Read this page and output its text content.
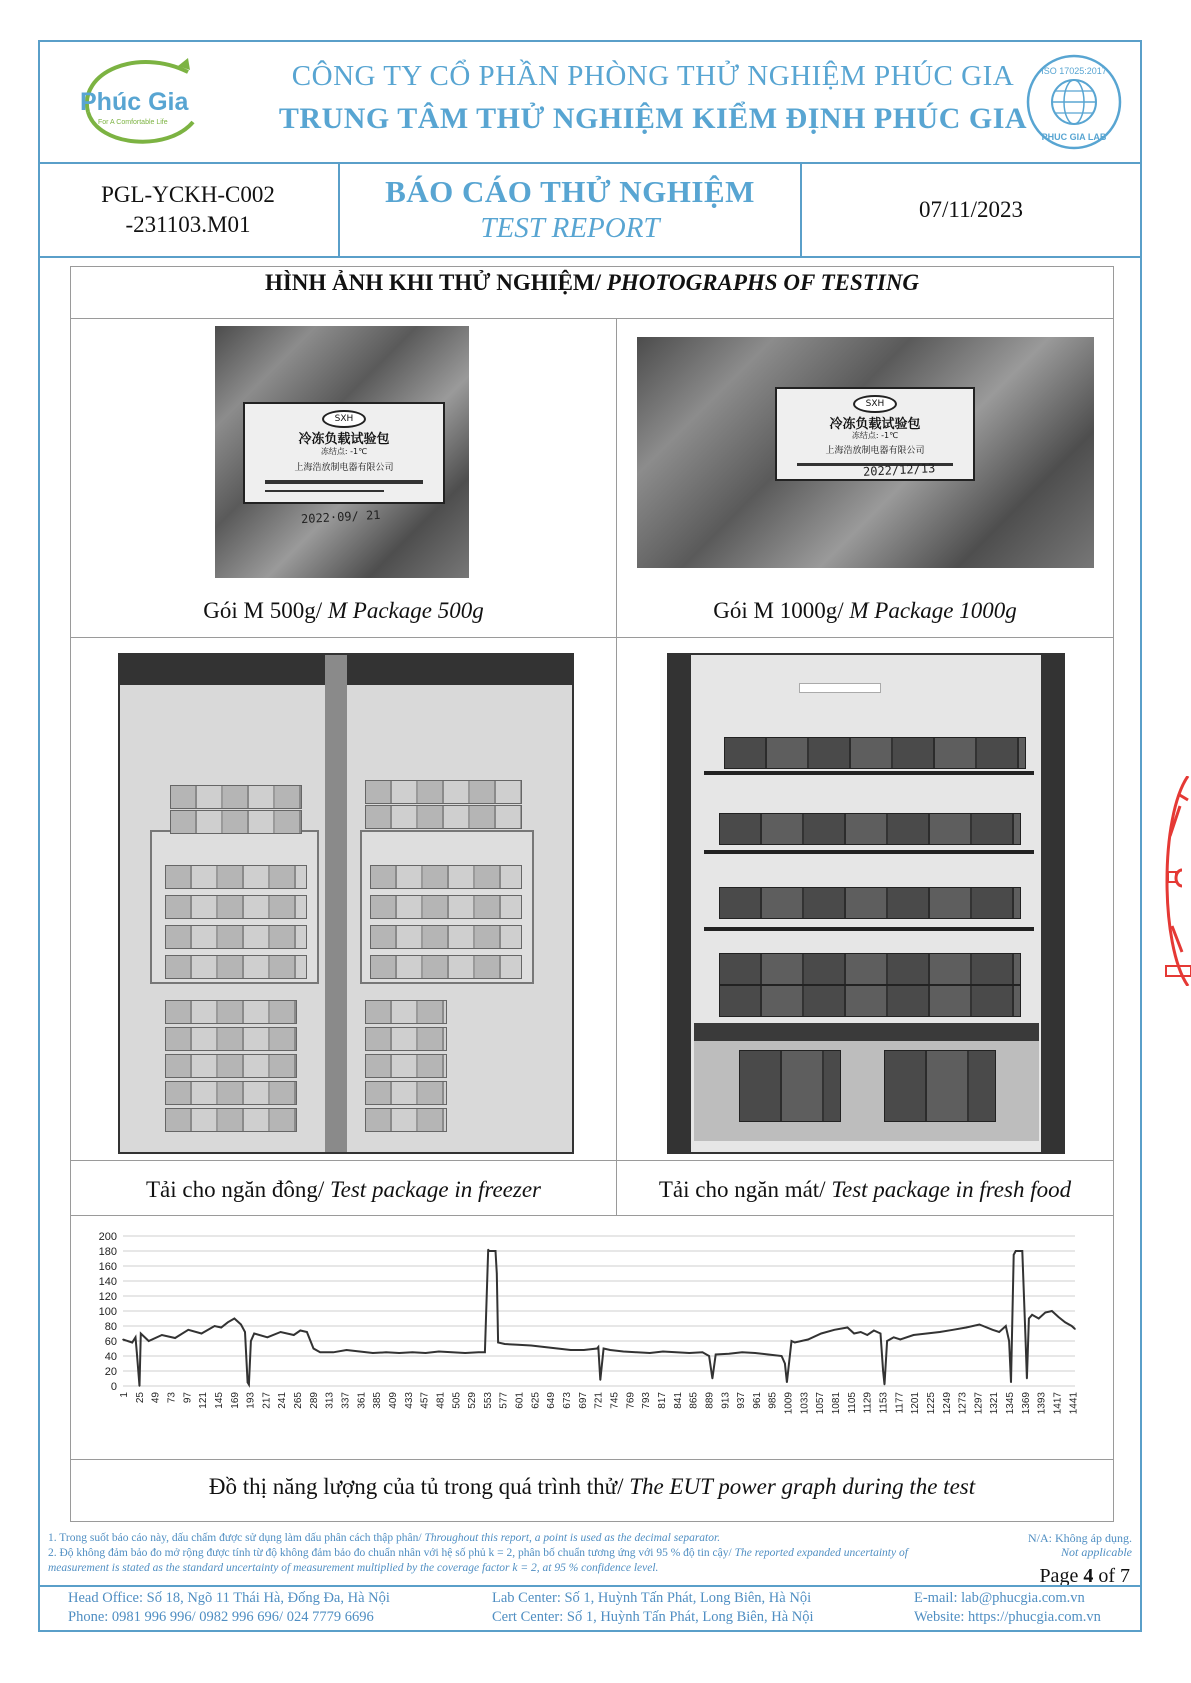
Phúc Gia
For A Comfortable Life
CÔNG TY CỔ PHẦN PHÒNG THỬ NGHIỆM PHÚC GIA
TRUNG TÂM THỬ NGHIỆM KIỂM ĐỊNH PHÚC GIA
ISO 17025:2017
PHUC GIA LAB
PGL-YCKH-C002
-231103.M01
BÁO CÁO THỬ NGHIỆM
TEST REPORT
07/11/2023
HÌNH ẢNH KHI THỬ NGHIỆM/ PHOTOGRAPHS OF TESTING
SXH
冷冻负载试验包
冻结点: -1℃
上海浩放制电器有限公司
2022·09/ 21
SXH
冷冻负载试验包
冻结点: -1℃
上海浩放制电器有限公司
2022/12/13
Gói M 500g/ M Package 500g	Gói M 1000g/ M Package 1000g
Tải cho ngăn đông/ Test package in freezer	Tải cho ngăn mát/ Test package in fresh food
0
20
40
60
80
100
120
140
160
180
200
1 25 49 73 97 121 145 169 193 217 241 265 289 313 337 361 385 409 433 457 481 505 529 553 577 601 625 649 673 697 721 745 769 793 817 841 865 889 913 937 961 985 1009 1033 1057 1081 1105 1129 1153 1177 1201 1225 1249 1273 1297 1321 1345 1369 1393 1417 1441
Đồ thị năng lượng của tủ trong quá trình thử/ The EUT power graph during the test
1. Trong suốt báo cáo này, dấu chấm được sử dụng làm dấu phân cách thập phân/ Throughout this report, a point is used as the decimal separator.
2. Độ không đảm bảo đo mở rộng được tính từ độ không đảm bảo đo chuẩn nhân với hệ số phủ k = 2, phân bố chuẩn tương ứng với 95 % độ tin cậy/ The reported expanded uncertainty of measurement is stated as the standard uncertainty of measurement multiplied by the coverage factor k = 2, at 95 % confidence level.
N/A: Không áp dụng.
Not applicable
Page 4 of 7
Head Office: Số 18, Ngõ 11 Thái Hà, Đống Đa, Hà Nội
Phone: 0981 996 996/ 0982 996 696/ 024 7779 6696
Lab Center: Số 1, Huỳnh Tấn Phát, Long Biên, Hà Nội
Cert Center: Số 1, Huỳnh Tấn Phát, Long Biên, Hà Nội
E-mail: lab@phucgia.com.vn
Website: https://phucgia.com.vn
